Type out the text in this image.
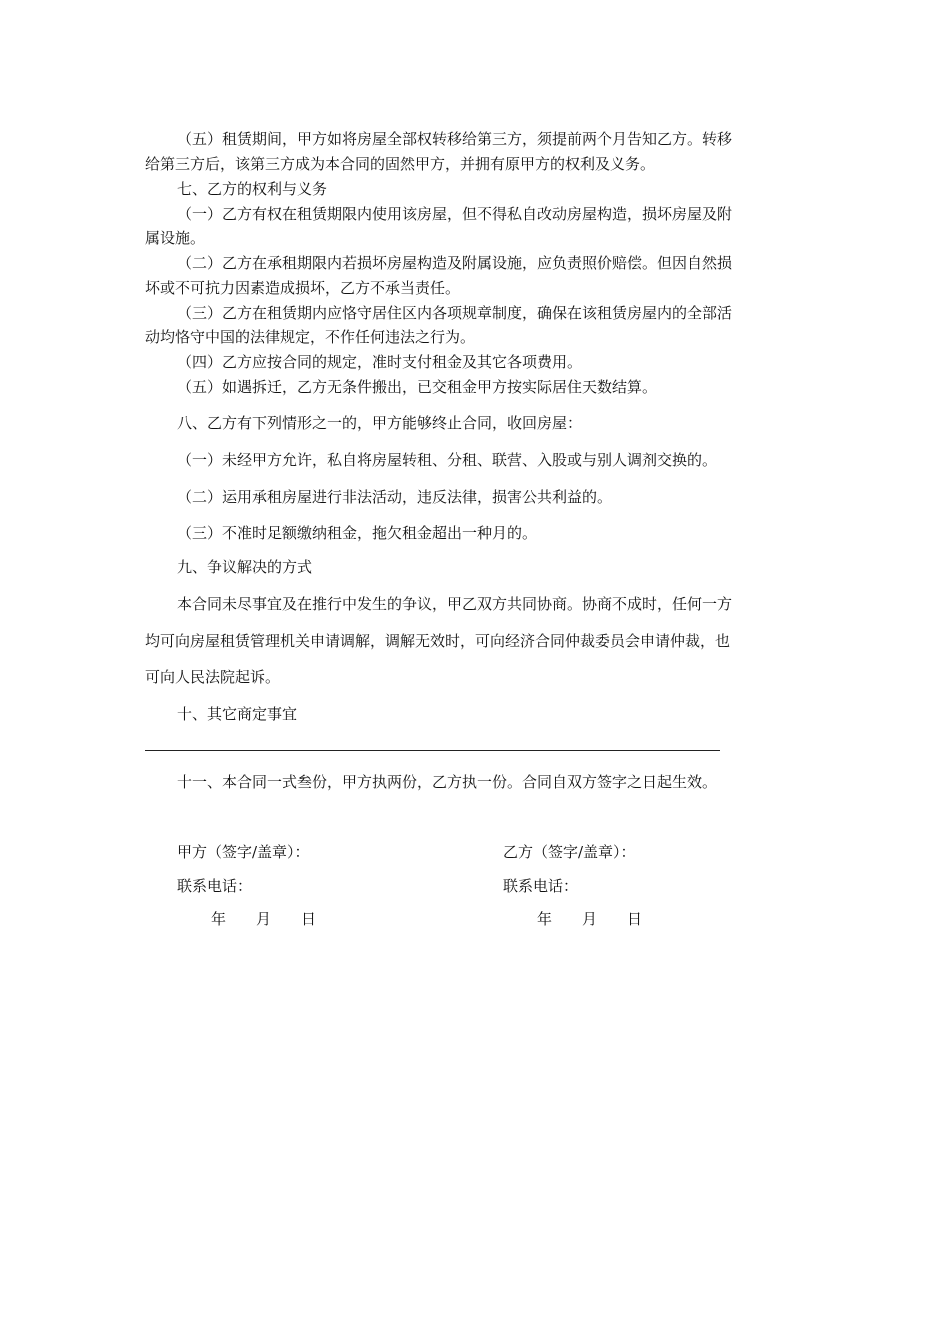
（五）租赁期间，甲方如将房屋全部权转移给第三方，须提前两个月告知乙方。转移
给第三方后，该第三方成为本合同的固然甲方，并拥有原甲方的权利及义务。
七、乙方的权利与义务
（一）乙方有权在租赁期限内使用该房屋，但不得私自改动房屋构造，损坏房屋及附
属设施。
（二）乙方在承租期限内若损坏房屋构造及附属设施，应负责照价赔偿。但因自然损
坏或不可抗力因素造成损坏，乙方不承当责任。
（三）乙方在租赁期内应恪守居住区内各项规章制度，确保在该租赁房屋内的全部活
动均恪守中国的法律规定，不作任何违法之行为。
（四）乙方应按合同的规定，准时支付租金及其它各项费用。
（五）如遇拆迁，乙方无条件搬出，已交租金甲方按实际居住天数结算。
八、乙方有下列情形之一的，甲方能够终止合同，收回房屋：
（一）未经甲方允许，私自将房屋转租、分租、联营、入股或与别人调剂交换的。
（二）运用承租房屋进行非法活动，违反法律，损害公共利益的。
（三）不准时足额缴纳租金，拖欠租金超出一种月的。
九、争议解决的方式
本合同未尽事宜及在推行中发生的争议，甲乙双方共同协商。协商不成时，任何一方
均可向房屋租赁管理机关申请调解，调解无效时，可向经济合同仲裁委员会申请仲裁，也
可向人民法院起诉。
十、其它商定事宜
十一、本合同一式叁份，甲方执两份，乙方执一份。合同自双方签字之日起生效。
甲方（签字/盖章）：	乙方（签字/盖章）：
联系电话：	联系电话：
年　　月　　日	年　　月　　日
